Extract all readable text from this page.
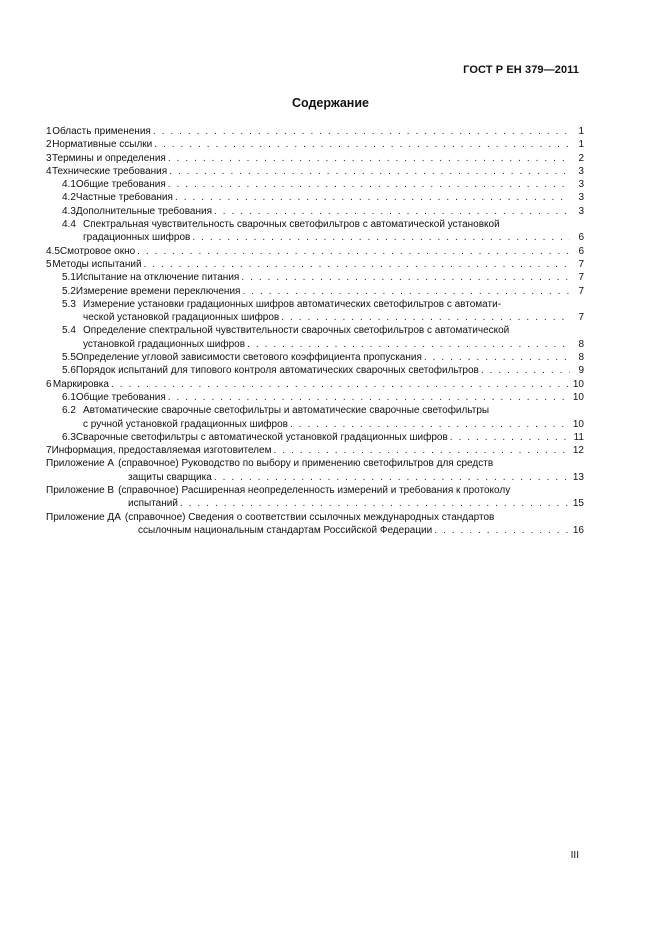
ГОСТ Р ЕН 379—2011
Содержание
1 Область применения . . .	1
2 Нормативные ссылки . . .	1
3 Термины и определения . . .	2
4 Технические требования . . .	3
4.1 Общие требования . . .	3
4.2 Частные требования . . .	3
4.3 Дополнительные требования . . .	3
4.4 Спектральная чувствительность сварочных светофильтров с автоматической установкой
градационных шифров . . .	6
4.5 Смотровое окно . . .	6
5 Методы испытаний . . .	7
5.1 Испытание на отключение питания . . .	7
5.2 Измерение времени переключения . . .	7
5.3 Измерение установки градационных шифров автоматических светофильтров с автомати-
ческой установкой градационных шифров . . .	7
5.4 Определение спектральной чувствительности сварочных светофильтров с автоматической
установкой градационных шифров . . .	8
5.5 Определение угловой зависимости светового коэффициента пропускания . . .	8
5.6 Порядок испытаний для типового контроля автоматических сварочных светофильтров . . .	9
6 Маркировка . . .	10
6.1 Общие требования . . .	10
6.2 Автоматические сварочные светофильтры и автоматические сварочные светофильтры
с ручной установкой градационных шифров . . .	10
6.3 Сварочные светофильтры с автоматической установкой градационных шифров . . .	11
7 Информация, предоставляемая изготовителем . . .	12
Приложение А (справочное) Руководство по выбору и применению светофильтров для средств
защиты сварщика . . .	13
Приложение В (справочное) Расширенная неопределенность измерений и требования к протоколу
испытаний . . .	15
Приложение ДА (справочное) Сведения о соответствии ссылочных международных стандартов
ссылочным национальным стандартам Российской Федерации . . .	16
III
